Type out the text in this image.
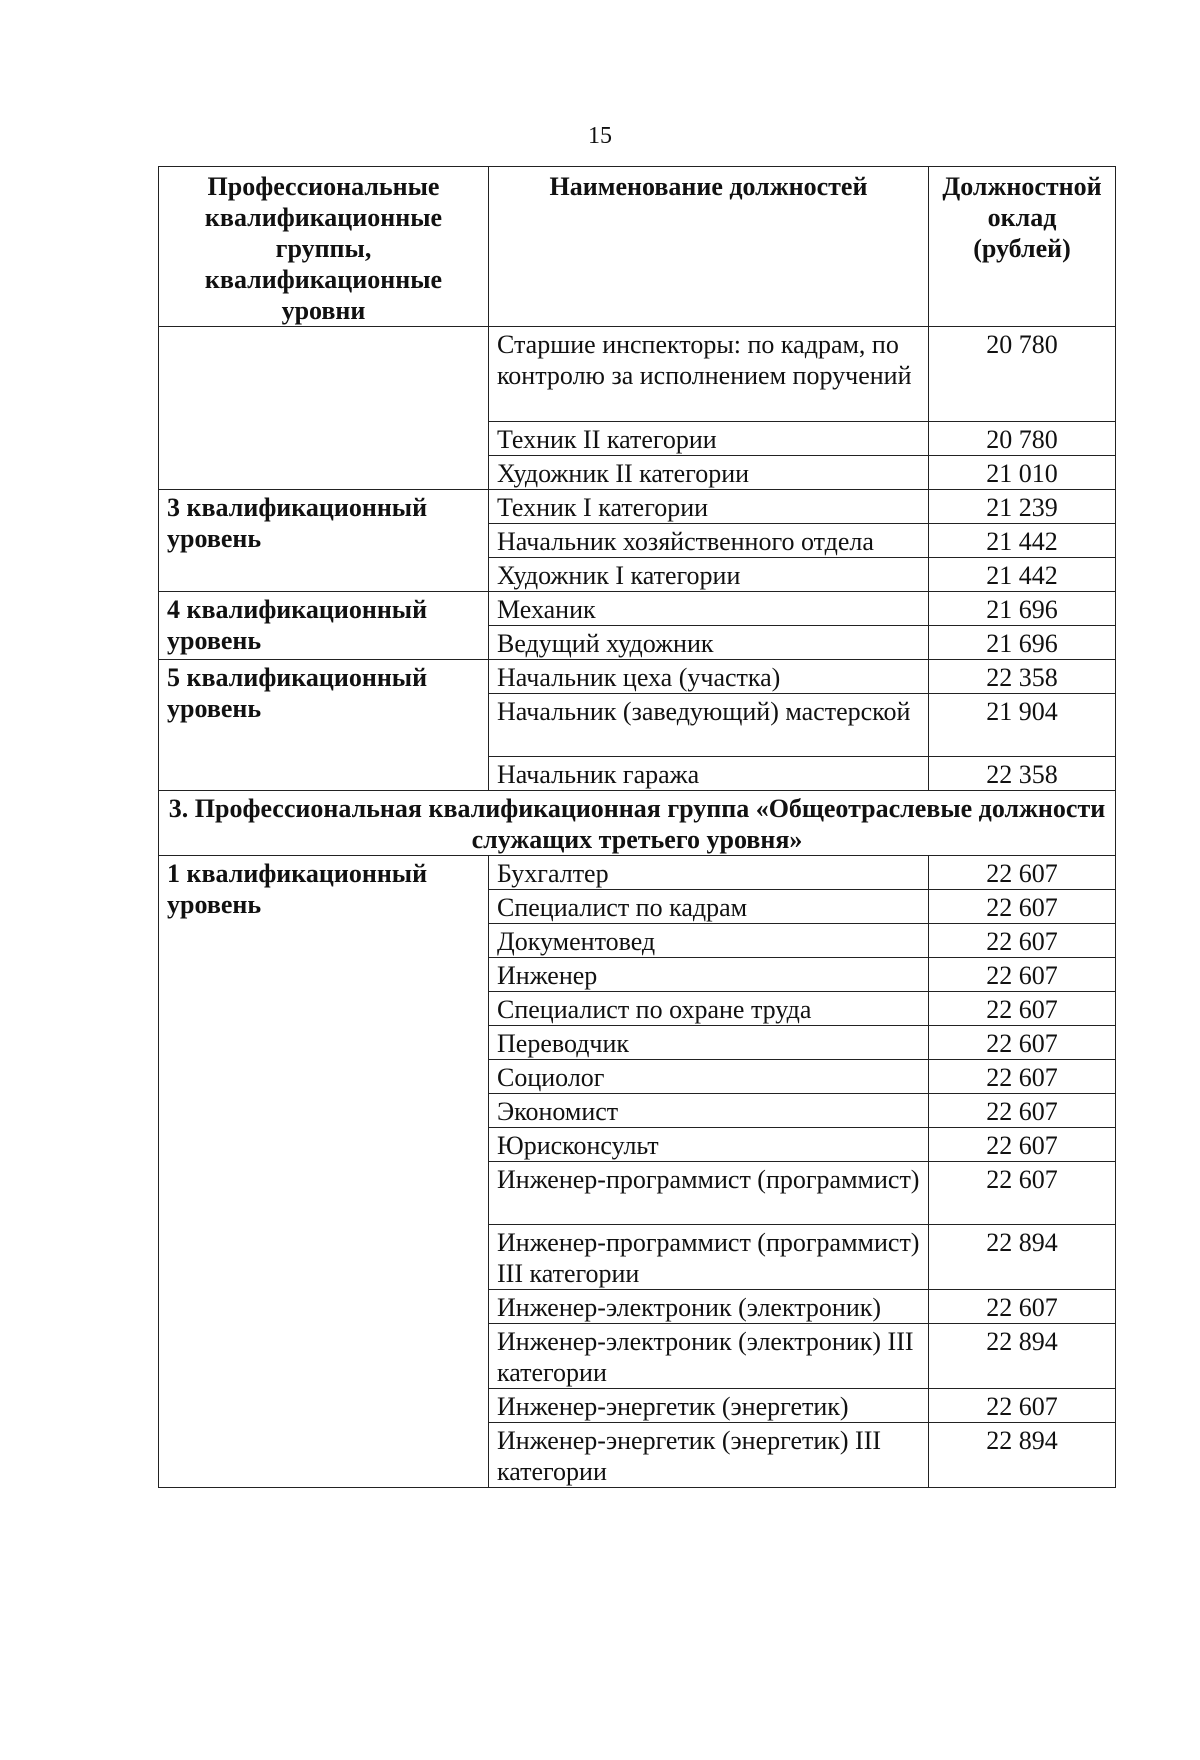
15
Профессиональные квалификационные группы, квалификационные уровни	Наименование должностей	Должностной оклад (рублей)
	Старшие инспекторы: по кадрам, по контролю за исполнением поручений	20 780
	Техник II категории	20 780
	Художник II категории	21 010
3 квалификационный уровень	Техник I категории	21 239
	Начальник хозяйственного отдела	21 442
	Художник I категории	21 442
4 квалификационный уровень	Механик	21 696
	Ведущий художник	21 696
5 квалификационный уровень	Начальник цеха (участка)	22 358
	Начальник (заведующий) мастерской	21 904
	Начальник гаража	22 358
3. Профессиональная квалификационная группа «Общеотраслевые должности служащих третьего уровня»		
1 квалификационный уровень	Бухгалтер	22 607
	Специалист по кадрам	22 607
	Документовед	22 607
	Инженер	22 607
	Специалист по охране труда	22 607
	Переводчик	22 607
	Социолог	22 607
	Экономист	22 607
	Юрисконсульт	22 607
	Инженер-программист (программист)	22 607
	Инженер-программист (программист) III категории	22 894
	Инженер-электроник (электроник)	22 607
	Инженер-электроник (электроник) III категории	22 894
	Инженер-энергетик (энергетик)	22 607
	Инженер-энергетик (энергетик) III категории	22 894
